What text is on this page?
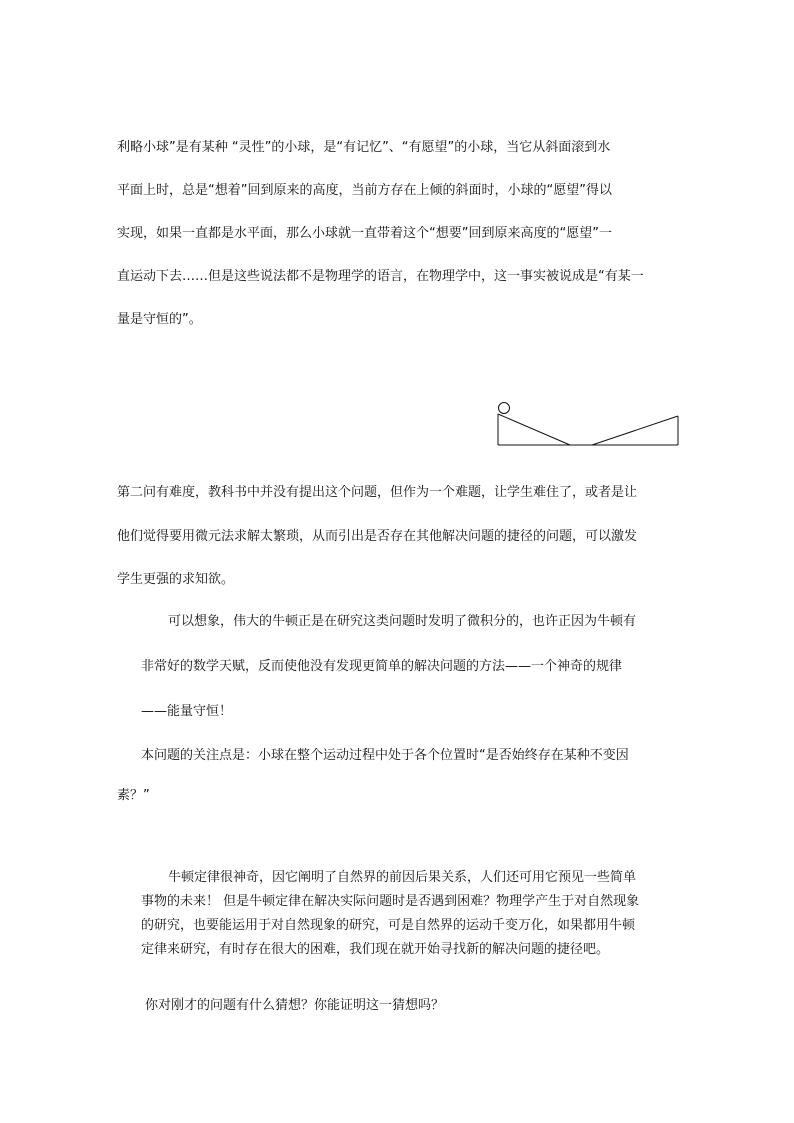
利略小球”是有某种 “灵性”的小球，是“有记忆”、“有愿望”的小球，当它从斜面滚到水
平面上时，总是“想着”回到原来的高度，当前方存在上倾的斜面时，小球的“愿望”得以
实现，如果一直都是水平面，那么小球就一直带着这个“想要”回到原来高度的“愿望”一
直运动下去……但是这些说法都不是物理学的语言，在物理学中，这一事实被说成是“有某一
量是守恒的”。
第二问有难度，教科书中并没有提出这个问题，但作为一个难题，让学生难住了，或者是让
他们觉得要用微元法求解太繁琐，从而引出是否存在其他解决问题的捷径的问题，可以激发
学生更强的求知欲。
可以想象，伟大的牛顿正是在研究这类问题时发明了微积分的，也许正因为牛顿有
非常好的数学天赋，反而使他没有发现更简单的解决问题的方法——一个神奇的规律
——能量守恒！
本问题的关注点是：小球在整个运动过程中处于各个位置时“是否始终存在某种不变因
素？”
牛顿定律很神奇，因它阐明了自然界的前因后果关系，人们还可用它预见一些简单
事物的未来！ 但是牛顿定律在解决实际问题时是否遇到困难？物理学产生于对自然现象
的研究，也要能运用于对自然现象的研究，可是自然界的运动千变万化，如果都用牛顿
定律来研究，有时存在很大的困难，我们现在就开始寻找新的解决问题的捷径吧。
你对刚才的问题有什么猜想？你能证明这一猜想吗？
